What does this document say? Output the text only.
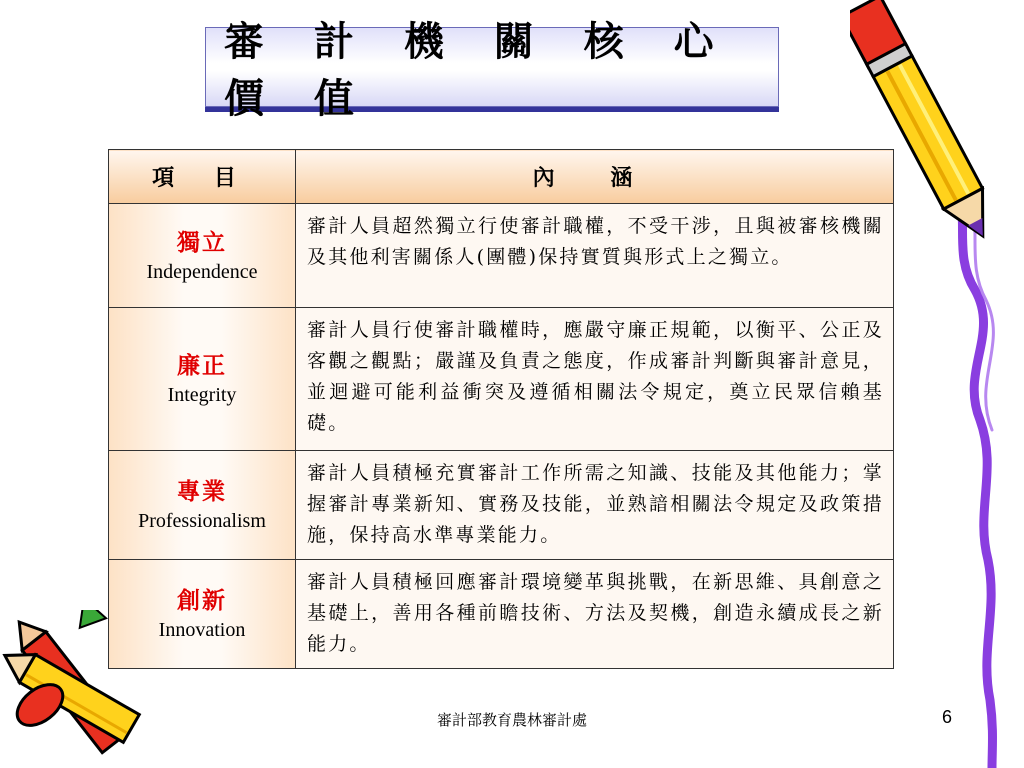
審 計 機 關 核 心 價 值
項 目	內 涵

獨立
Independence	審計人員超然獨立行使審計職權，不受干涉，且與被審核機關及其他利害關係人(團體)保持實質與形式上之獨立。

廉正
Integrity	審計人員行使審計職權時，應嚴守廉正規範，以衡平、公正及客觀之觀點；嚴謹及負責之態度，作成審計判斷與審計意見，並迴避可能利益衝突及遵循相關法令規定，奠立民眾信賴基礎。

專業
Professionalism	審計人員積極充實審計工作所需之知識、技能及其他能力；掌握審計專業新知、實務及技能，並熟諳相關法令規定及政策措施，保持高水準專業能力。

創新
Innovation	審計人員積極回應審計環境變革與挑戰，在新思維、具創意之基礎上，善用各種前瞻技術、方法及契機，創造永續成長之新能力。
審計部教育農林審計處	6
